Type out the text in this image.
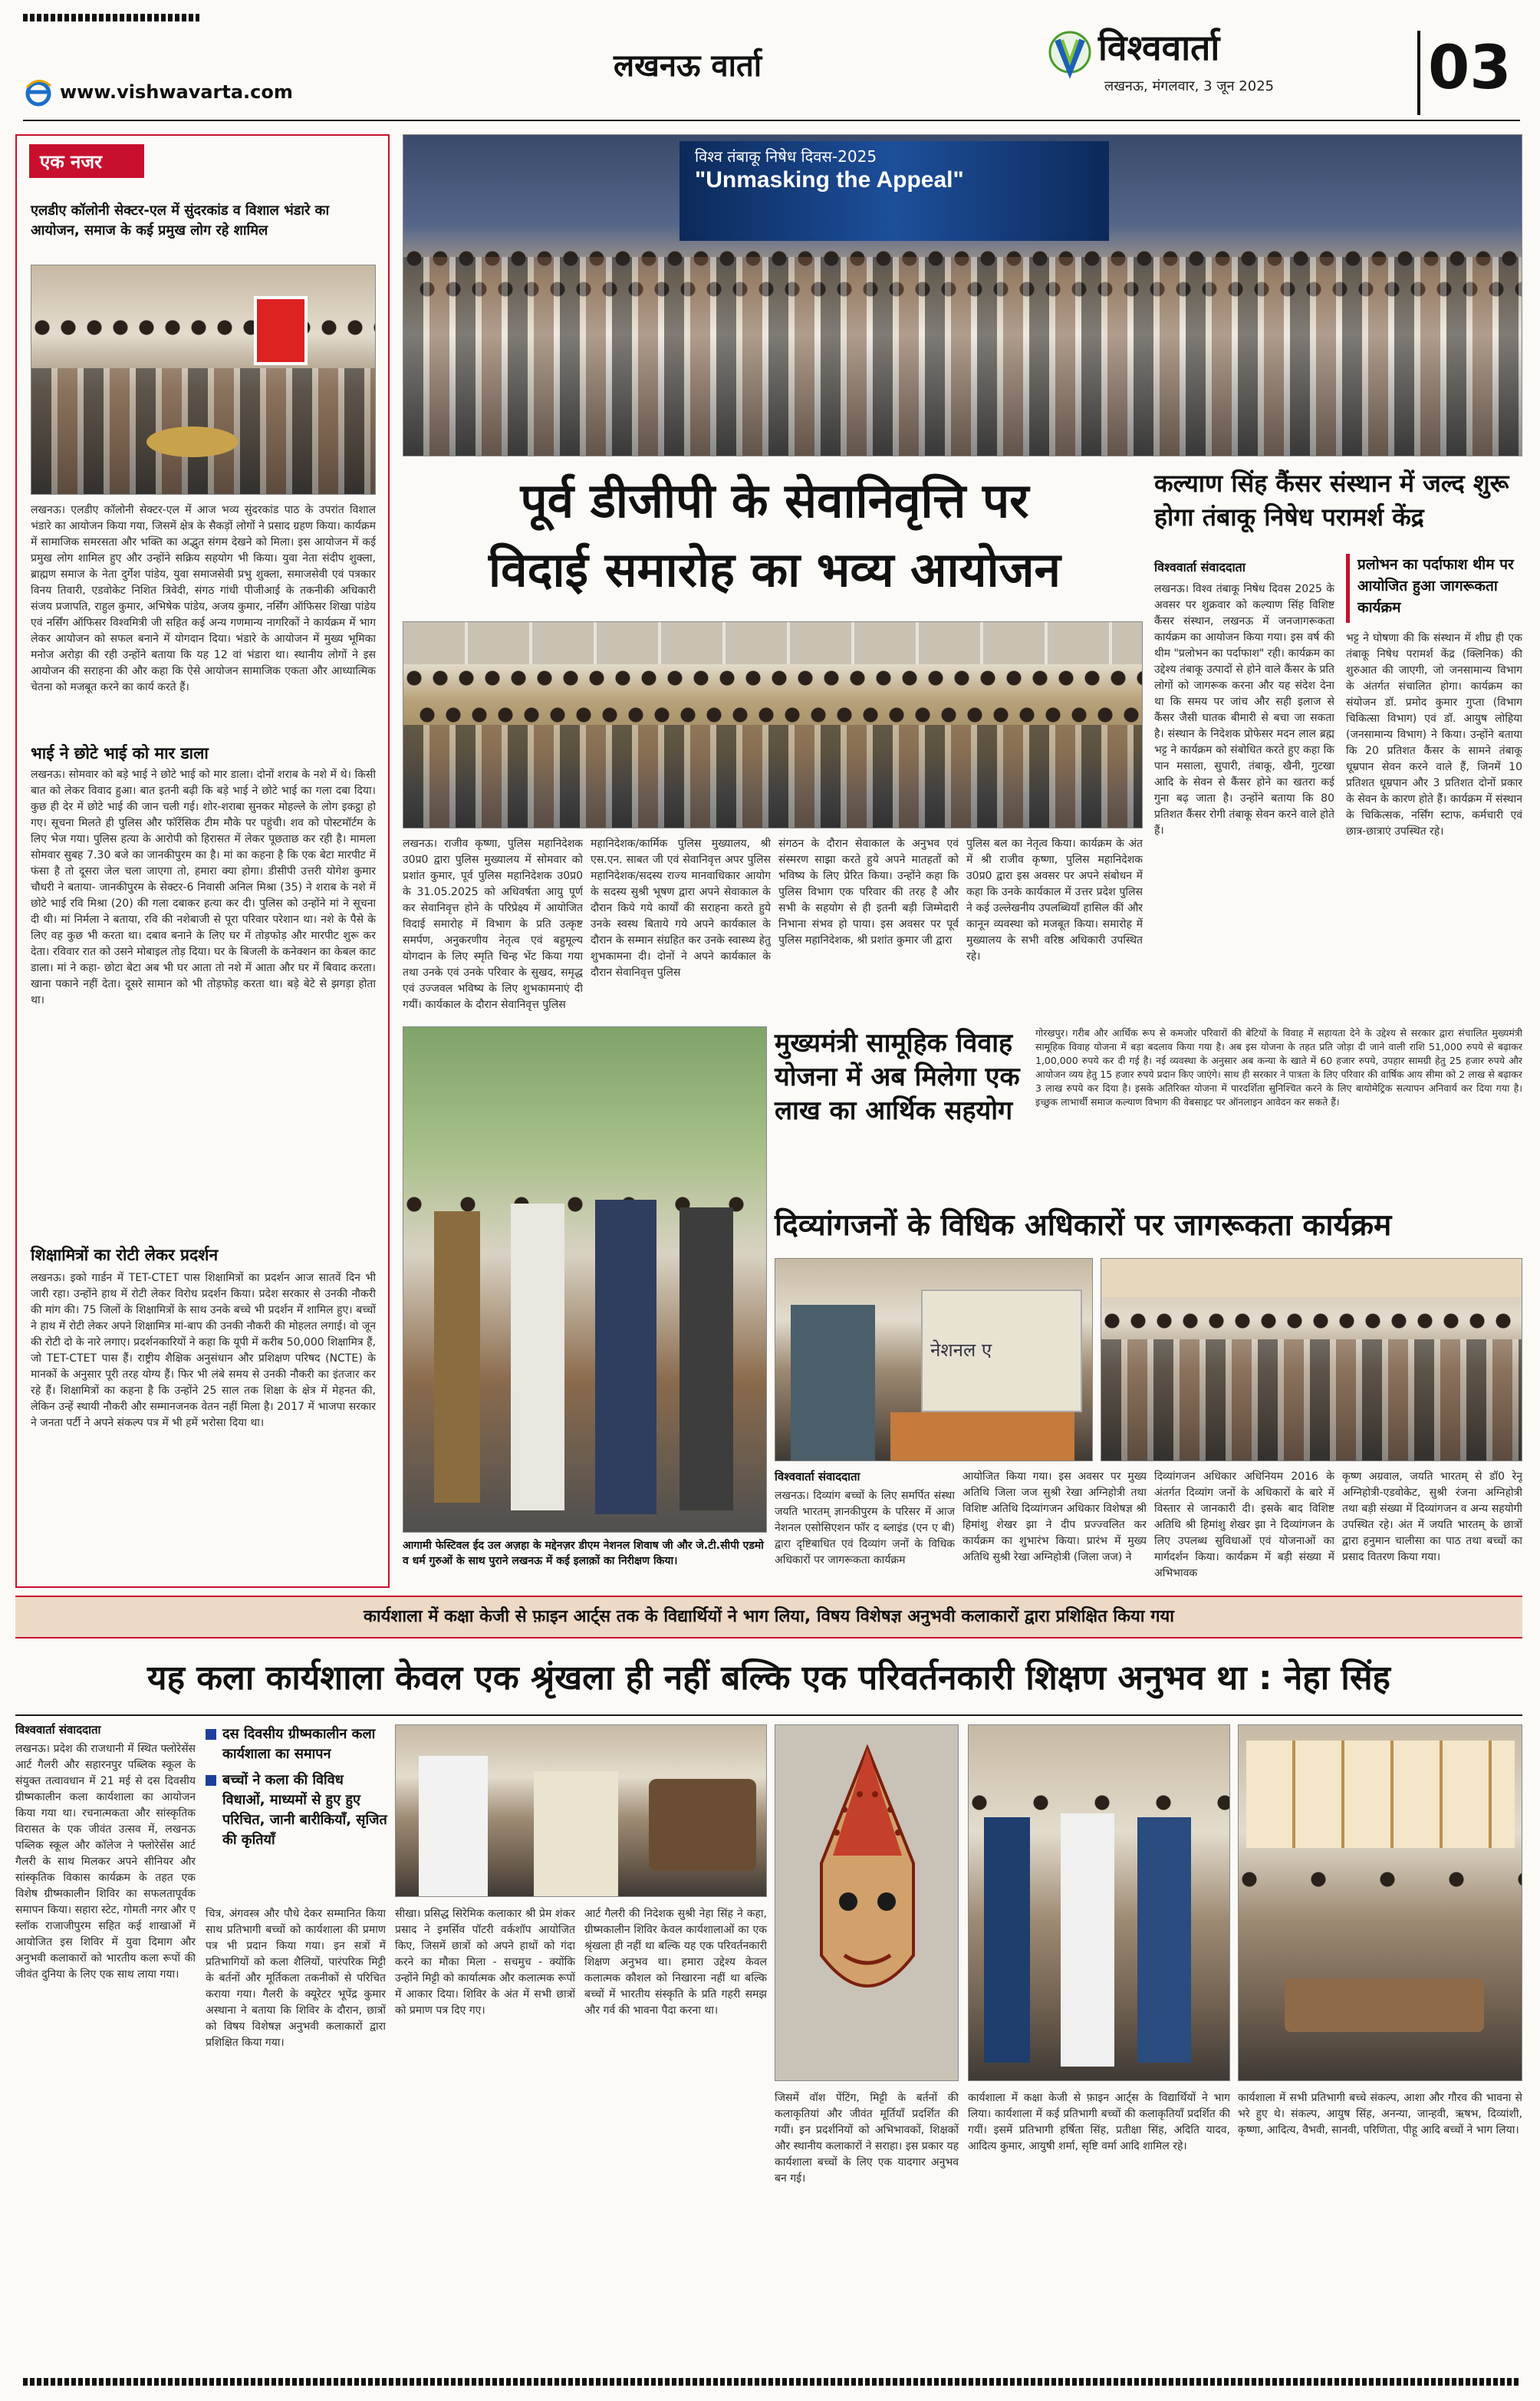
लखनऊ वार्ता
www.vishwavarta.com
विश्ववार्ता
लखनऊ, मंगलवार, 3 जून 2025	03
एक नजर
एलडीए कॉलोनी सेक्टर-एल में सुंदरकांड व विशाल भंडारे का आयोजन, समाज के कई प्रमुख लोग रहे शामिल
लखनऊ। एलडीए कॉलोनी सेक्टर-एल में आज भव्य सुंदरकांड पाठ के उपरांत विशाल भंडारे का आयोजन किया गया, जिसमें क्षेत्र के सैकड़ों लोगों ने प्रसाद ग्रहण किया। कार्यक्रम में सामाजिक समरसता और भक्ति का अद्भुत संगम देखने को मिला। इस आयोजन में कई प्रमुख लोग शामिल हुए और उन्होंने सक्रिय सहयोग भी किया। युवा नेता संदीप शुक्ला, ब्राह्मण समाज के नेता दुर्गेश पांडेय, युवा समाजसेवी प्रभु शुक्ला, समाजसेवी एवं पत्रकार विनय तिवारी, एडवोकेट निशित त्रिवेदी, संगठ गांधी पीजीआई के तकनीकी अधिकारी संजय प्रजापति, राहुल कुमार, अभिषेक पांडेय, अजय कुमार, नर्सिंग ऑफिसर शिखा पांडेय एवं नर्सिंग ऑफिसर विश्वमित्री जी सहित कई अन्य गणमान्य नागरिकों ने कार्यक्रम में भाग लेकर आयोजन को सफल बनाने में योगदान दिया। भंडारे के आयोजन में मुख्य भूमिका मनोज अरोड़ा की रही उन्होंने बताया कि यह 12 वां भंडारा था। स्थानीय लोगों ने इस आयोजन की सराहना की और कहा कि ऐसे आयोजन सामाजिक एकता और आध्यात्मिक चेतना को मजबूत करने का कार्य करते हैं।
भाई ने छोटे भाई को मार डाला
लखनऊ। सोमवार को बड़े भाई ने छोटे भाई को मार डाला। दोनों शराब के नशे में थे। किसी बात को लेकर विवाद हुआ। बात इतनी बढ़ी कि बड़े भाई ने छोटे भाई का गला दबा दिया। कुछ ही देर में छोटे भाई की जान चली गई। शोर-शराबा सुनकर मोहल्ले के लोग इकट्ठा हो गए। सूचना मिलते ही पुलिस और फॉरेंसिक टीम मौके पर पहुंची। शव को पोस्टमॉर्टम के लिए भेज गया। पुलिस हत्या के आरोपी को हिरासत में लेकर पूछताछ कर रही है। मामला सोमवार सुबह 7.30 बजे का जानकीपुरम का है। मां का कहना है कि एक बेटा मारपीट में फंसा है तो दूसरा जेल चला जाएगा तो, हमारा क्या होगा। डीसीपी उत्तरी योगेश कुमार चौधरी ने बताया- जानकीपुरम के सेक्टर-6 निवासी अनिल मिश्रा (35) ने शराब के नशे में छोटे भाई रवि मिश्रा (20) की गला दबाकर हत्या कर दी। पुलिस को उन्होंने मां ने सूचना दी थी। मां निर्मला ने बताया, रवि की नशेबाजी से पूरा परिवार परेशान था। नशे के पैसे के लिए वह कुछ भी करता था। दबाव बनाने के लिए घर में तोड़फोड़ और मारपीट शुरू कर देता। रविवार रात को उसने मोबाइल तोड़ दिया। घर के बिजली के कनेक्शन का केबल काट डाला। मां ने कहा- छोटा बेटा अब भी घर आता तो नशे में आता और घर में बिवाद करता। खाना पकाने नहीं देता। दूसरे सामान को भी तोड़फोड़ करता था। बड़े बेटे से झगड़ा होता था।
शिक्षामित्रों का रोटी लेकर प्रदर्शन
लखनऊ। इको गार्डन में TET-CTET पास शिक्षामित्रों का प्रदर्शन आज सातवें दिन भी जारी रहा। उन्होंने हाथ में रोटी लेकर विरोध प्रदर्शन किया। प्रदेश सरकार से उनकी नौकरी की मांग की। 75 जिलों के शिक्षामित्रों के साथ उनके बच्चे भी प्रदर्शन में शामिल हुए। बच्चों ने हाथ में रोटी लेकर अपने शिक्षामित्र मां-बाप की उनकी नौकरी की मोहलत लगाई। वो जून की रोटी दो के नारे लगाए। प्रदर्शनकारियों ने कहा कि यूपी में करीब 50,000 शिक्षामित्र हैं, जो TET-CTET पास हैं। राष्ट्रीय शैक्षिक अनुसंधान और प्रशिक्षण परिषद (NCTE) के मानकों के अनुसार पूरी तरह योग्य हैं। फिर भी लंबे समय से उनकी नौकरी का इंतजार कर रहे हैं। शिक्षामित्रों का कहना है कि उन्होंने 25 साल तक शिक्षा के क्षेत्र में मेहनत की, लेकिन उन्हें स्थायी नौकरी और सम्मानजनक वेतन नहीं मिला है। 2017 में भाजपा सरकार ने जनता पर्टी ने अपने संकल्प पत्र में भी हमें भरोसा दिया था।
विश्व तंबाकू निषेध दिवस-2025
"Unmasking the Appeal"
पूर्व डीजीपी के सेवानिवृत्ति पर
विदाई समारोह का भव्य आयोजन
लखनऊ। राजीव कृष्णा, पुलिस महानिदेशक उ0प्र0 द्वारा पुलिस मुख्यालय में सोमवार को प्रशांत कुमार, पूर्व पुलिस महानिदेशक उ0प्र0 के 31.05.2025 को अधिवर्षता आयु पूर्ण कर सेवानिवृत्त होने के परिप्रेक्ष्य में आयोजित विदाई समारोह में विभाग के प्रति उत्कृष्ट समर्पण, अनुकरणीय नेतृत्व एवं बहुमूल्य योगदान के लिए स्मृति चिन्ह भेंट किया गया तथा उनके एवं उनके परिवार के सुखद, समृद्ध एवं उज्जवल भविष्य के लिए शुभकामनाएं दी गयीं। कार्यकाल के दौरान सेवानिवृत्त पुलिस
महानिदेशक/कार्मिक पुलिस मुख्यालय, श्री एस.एन. साबत जी एवं सेवानिवृत्त अपर पुलिस महानिदेशक/सदस्य राज्य मानवाधिकार आयोग के सदस्य सुश्री भूषण द्वारा अपने सेवाकाल के दौरान किये गये कार्यों की सराहना करते हुये उनके स्वस्थ बिताये गये अपने कार्यकाल के दौरान के सम्मान संग्रहित कर उनके स्वास्थ्य हेतु शुभकामना दी। दोनों ने अपने कार्यकाल के दौरान सेवानिवृत्त पुलिस
संगठन के दौरान सेवाकाल के अनुभव एवं संस्मरण साझा करते हुये अपने मातहतों को भविष्य के लिए प्रेरित किया। उन्होंने कहा कि पुलिस विभाग एक परिवार की तरह है और सभी के सहयोग से ही इतनी बड़ी जिम्मेदारी निभाना संभव हो पाया। इस अवसर पर पूर्व पुलिस महानिदेशक, श्री प्रशांत कुमार जी द्वारा
पुलिस बल का नेतृत्व किया। कार्यक्रम के अंत में श्री राजीव कृष्णा, पुलिस महानिदेशक उ0प्र0 द्वारा इस अवसर पर अपने संबोधन में कहा कि उनके कार्यकाल में उत्तर प्रदेश पुलिस ने कई उल्लेखनीय उपलब्धियाँ हासिल कीं और कानून व्यवस्था को मजबूत किया। समारोह में मुख्यालय के सभी वरिष्ठ अधिकारी उपस्थित रहे।
कल्याण सिंह कैंसर संस्थान में जल्द शुरू होगा तंबाकू निषेध परामर्श केंद्र
विश्ववार्ता संवाददाता	प्रलोभन का पर्दाफाश थीम पर आयोजित हुआ जागरूकता कार्यक्रम
लखनऊ। विश्व तंबाकू निषेध दिवस 2025 के अवसर पर शुक्रवार को कल्याण सिंह विशिष्ट कैंसर संस्थान, लखनऊ में जनजागरूकता कार्यक्रम का आयोजन किया गया। इस वर्ष की थीम "प्रलोभन का पर्दाफाश" रही। कार्यक्रम का उद्देश्य तंबाकू उत्पादों से होने वाले कैंसर के प्रति लोगों को जागरूक करना और यह संदेश देना था कि समय पर जांच और सही इलाज से कैंसर जैसी घातक बीमारी से बचा जा सकता है। संस्थान के निदेशक प्रोफेसर मदन लाल ब्रह्म भट्ट ने कार्यक्रम को संबोधित करते हुए कहा कि पान मसाला, सुपारी, तंबाकू, खैनी, गुटखा आदि के सेवन से कैंसर होने का खतरा कई गुना बढ़ जाता है। उन्होंने बताया कि 80 प्रतिशत कैंसर रोगी तंबाकू सेवन करने वाले होते हैं।
भट्ट ने घोषणा की कि संस्थान में शीघ्र ही एक तंबाकू निषेध परामर्श केंद्र (क्लिनिक) की शुरुआत की जाएगी, जो जनसामान्य विभाग के अंतर्गत संचालित होगा। कार्यक्रम का संयोजन डॉ. प्रमोद कुमार गुप्ता (विभाग चिकित्सा विभाग) एवं डॉ. आयुष लोहिया (जनसामान्य विभाग) ने किया। उन्होंने बताया कि 20 प्रतिशत कैंसर के सामने तंबाकू धूम्रपान सेवन करने वाले हैं, जिनमें 10 प्रतिशत धूम्रपान और 3 प्रतिशत दोनों प्रकार के सेवन के कारण होते हैं। कार्यक्रम में संस्थान के चिकित्सक, नर्सिंग स्टाफ, कर्मचारी एवं छात्र-छात्राएं उपस्थित रहे।
आगामी फेस्टिवल ईद उल अज़हा के मद्देनज़र डीएम नेशनल शिवाष जी और जे.टी.सीपी एडमो व धर्म गुरुओं के साथ पुराने लखनऊ में कई इलाक़ों का निरीक्षण किया।
मुख्यमंत्री सामूहिक विवाह योजना में अब मिलेगा एक लाख का आर्थिक सहयोग
गोरखपुर। गरीब और आर्थिक रूप से कमजोर परिवारों की बेटियों के विवाह में सहायता देने के उद्देश्य से सरकार द्वारा संचालित मुख्यमंत्री सामूहिक विवाह योजना में बड़ा बदलाव किया गया है। अब इस योजना के तहत प्रति जोड़ा दी जाने वाली राशि 51,000 रुपये से बढ़ाकर 1,00,000 रुपये कर दी गई है। नई व्यवस्था के अनुसार अब कन्या के खाते में 60 हजार रुपये, उपहार सामग्री हेतु 25 हजार रुपये और आयोजन व्यय हेतु 15 हजार रुपये प्रदान किए जाएंगे। साथ ही सरकार ने पात्रता के लिए परिवार की वार्षिक आय सीमा को 2 लाख से बढ़ाकर 3 लाख रुपये कर दिया है। इसके अतिरिक्त योजना में पारदर्शिता सुनिश्चित करने के लिए बायोमेट्रिक सत्यापन अनिवार्य कर दिया गया है। इच्छुक लाभार्थी समाज कल्याण विभाग की वेबसाइट पर ऑनलाइन आवेदन कर सकते हैं।
दिव्यांगजनों के विधिक अधिकारों पर जागरूकता कार्यक्रम
नेशनल ए
विश्ववार्ता संवाददाता
लखनऊ। दिव्यांग बच्चों के लिए समर्पित संस्था जयति भारतम् ज्ञानकीपुरम के परिसर में आज नेशनल एसोसिएशन फॉर द ब्लाइंड (एन ए बी) द्वारा दृष्टिबाधित एवं दिव्यांग जनों के विधिक अधिकारों पर जागरूकता कार्यक्रम
आयोजित किया गया। इस अवसर पर मुख्य अतिथि जिला जज सुश्री रेखा अग्निहोत्री तथा विशिष्ट अतिथि दिव्यांगजन अधिकार विशेषज्ञ श्री हिमांशु शेखर झा ने दीप प्रज्ज्वलित कर कार्यक्रम का शुभारंभ किया। प्रारंभ में मुख्य अतिथि सुश्री रेखा अग्निहोत्री (जिला जज) ने
दिव्यांगजन अधिकार अधिनियम 2016 के अंतर्गत दिव्यांग जनों के अधिकारों के बारे में विस्तार से जानकारी दी। इसके बाद विशिष्ट अतिथि श्री हिमांशु शेखर झा ने दिव्यांगजन के लिए उपलब्ध सुविधाओं एवं योजनाओं का मार्गदर्शन किया। कार्यक्रम में बड़ी संख्या में अभिभावक
कृष्ण अग्रवाल, जयति भारतम् से डॉ0 रेनू अग्निहोत्री-एडवोकेट, सुश्री रंजना अग्निहोत्री तथा बड़ी संख्या में दिव्यांगजन व अन्य सहयोगी उपस्थित रहे। अंत में जयति भारतम् के छात्रों द्वारा हनुमान चालीसा का पाठ तथा बच्चों का प्रसाद वितरण किया गया।
कार्यशाला में कक्षा केजी से फ़ाइन आर्ट्स तक के विद्यार्थियों ने भाग लिया, विषय विशेषज्ञ अनुभवी कलाकारों द्वारा प्रशिक्षित किया गया
यह कला कार्यशाला केवल एक श्रृंखला ही नहीं बल्कि एक परिवर्तनकारी शिक्षण अनुभव था : नेहा सिंह
विश्ववार्ता संवाददाता
लखनऊ। प्रदेश की राजधानी में स्थित फ्लोरेसेंस आर्ट गैलरी और सहारनपुर पब्लिक स्कूल के संयुक्त तत्वावधान में 21 मई से दस दिवसीय ग्रीष्मकालीन कला कार्यशाला का आयोजन किया गया था। रचनात्मकता और सांस्कृतिक विरासत के एक जीवंत उत्सव में, लखनऊ पब्लिक स्कूल और कॉलेज ने फ्लोरेसेंस आर्ट गैलरी के साथ मिलकर अपने सीनियर और सांस्कृतिक विकास कार्यक्रम के तहत एक विशेष ग्रीष्मकालीन शिविर का सफलतापूर्वक समापन किया। सहारा स्टेट, गोमती नगर और ए स्लॉक राजाजीपुरम सहित कई शाखाओं में आयोजित इस शिविर में युवा दिमाग और अनुभवी कलाकारों को भारतीय कला रूपों की जीवंत दुनिया के लिए एक साथ लाया गया।
दस दिवसीय ग्रीष्मकालीन कला कार्यशाला का समापन
बच्चों ने कला की विविध विधाओं, माध्यमों से हुए हुए परिचित, जानी बारीकियाँ, सृजित की कृतियाँ
चित्र, अंगवस्त्र और पौधे देकर सम्मानित किया साथ प्रतिभागी बच्चों को कार्यशाला की प्रमाण पत्र भी प्रदान किया गया। इन सत्रों में प्रतिभागियों को कला शैलियों, पारंपरिक मिट्टी के बर्तनों और मूर्तिकला तकनीकों से परिचित कराया गया। गैलरी के क्यूरेटर भूपेंद्र कुमार अस्थाना ने बताया कि शिविर के दौरान, छात्रों को विषय विशेषज्ञ अनुभवी कलाकारों द्वारा प्रशिक्षित किया गया।
सीखा। प्रसिद्ध सिरेमिक कलाकार श्री प्रेम शंकर प्रसाद ने इमर्सिव पॉटरी वर्कशॉप आयोजित किए, जिसमें छात्रों को अपने हाथों को गंदा करने का मौका मिला - सचमुच - क्योंकि उन्होंने मिट्टी को कार्यात्मक और कलात्मक रूपों में आकार दिया। शिविर के अंत में सभी छात्रों को प्रमाण पत्र दिए गए।
आर्ट गैलरी की निदेशक सुश्री नेहा सिंह ने कहा, ग्रीष्मकालीन शिविर केवल कार्यशालाओं का एक श्रृंखला ही नहीं था बल्कि यह एक परिवर्तनकारी शिक्षण अनुभव था। हमारा उद्देश्य केवल कलात्मक कौशल को निखारना नहीं था बल्कि बच्चों में भारतीय संस्कृति के प्रति गहरी समझ और गर्व की भावना पैदा करना था।
जिसमें वॉश पेंटिंग, मिट्टी के बर्तनों की कलाकृतियां और जीवंत मूर्तियाँ प्रदर्शित की गयीं। इन प्रदर्शनियों को अभिभावकों, शिक्षकों और स्थानीय कलाकारों ने सराहा। इस प्रकार यह कार्यशाला बच्चों के लिए एक यादगार अनुभव बन गई।
कार्यशाला में कक्षा केजी से फ़ाइन आर्ट्स के विद्यार्थियों ने भाग लिया। कार्यशाला में कई प्रतिभागी बच्चों की कलाकृतियाँ प्रदर्शित की गयीं। इसमें प्रतिभागी हर्षिता सिंह, प्रतीक्षा सिंह, अदिति यादव, आदित्य कुमार, आयुषी शर्मा, सृष्टि वर्मा आदि शामिल रहे।
कार्यशाला में सभी प्रतिभागी बच्चे संकल्प, आशा और गौरव की भावना से भरे हुए थे। संकल्प, आयुष सिंह, अनन्या, जान्हवी, ऋषभ, दिव्यांशी, कृष्णा, आदित्य, वैभवी, सानवी, परिणिता, पीहू आदि बच्चों ने भाग लिया।
